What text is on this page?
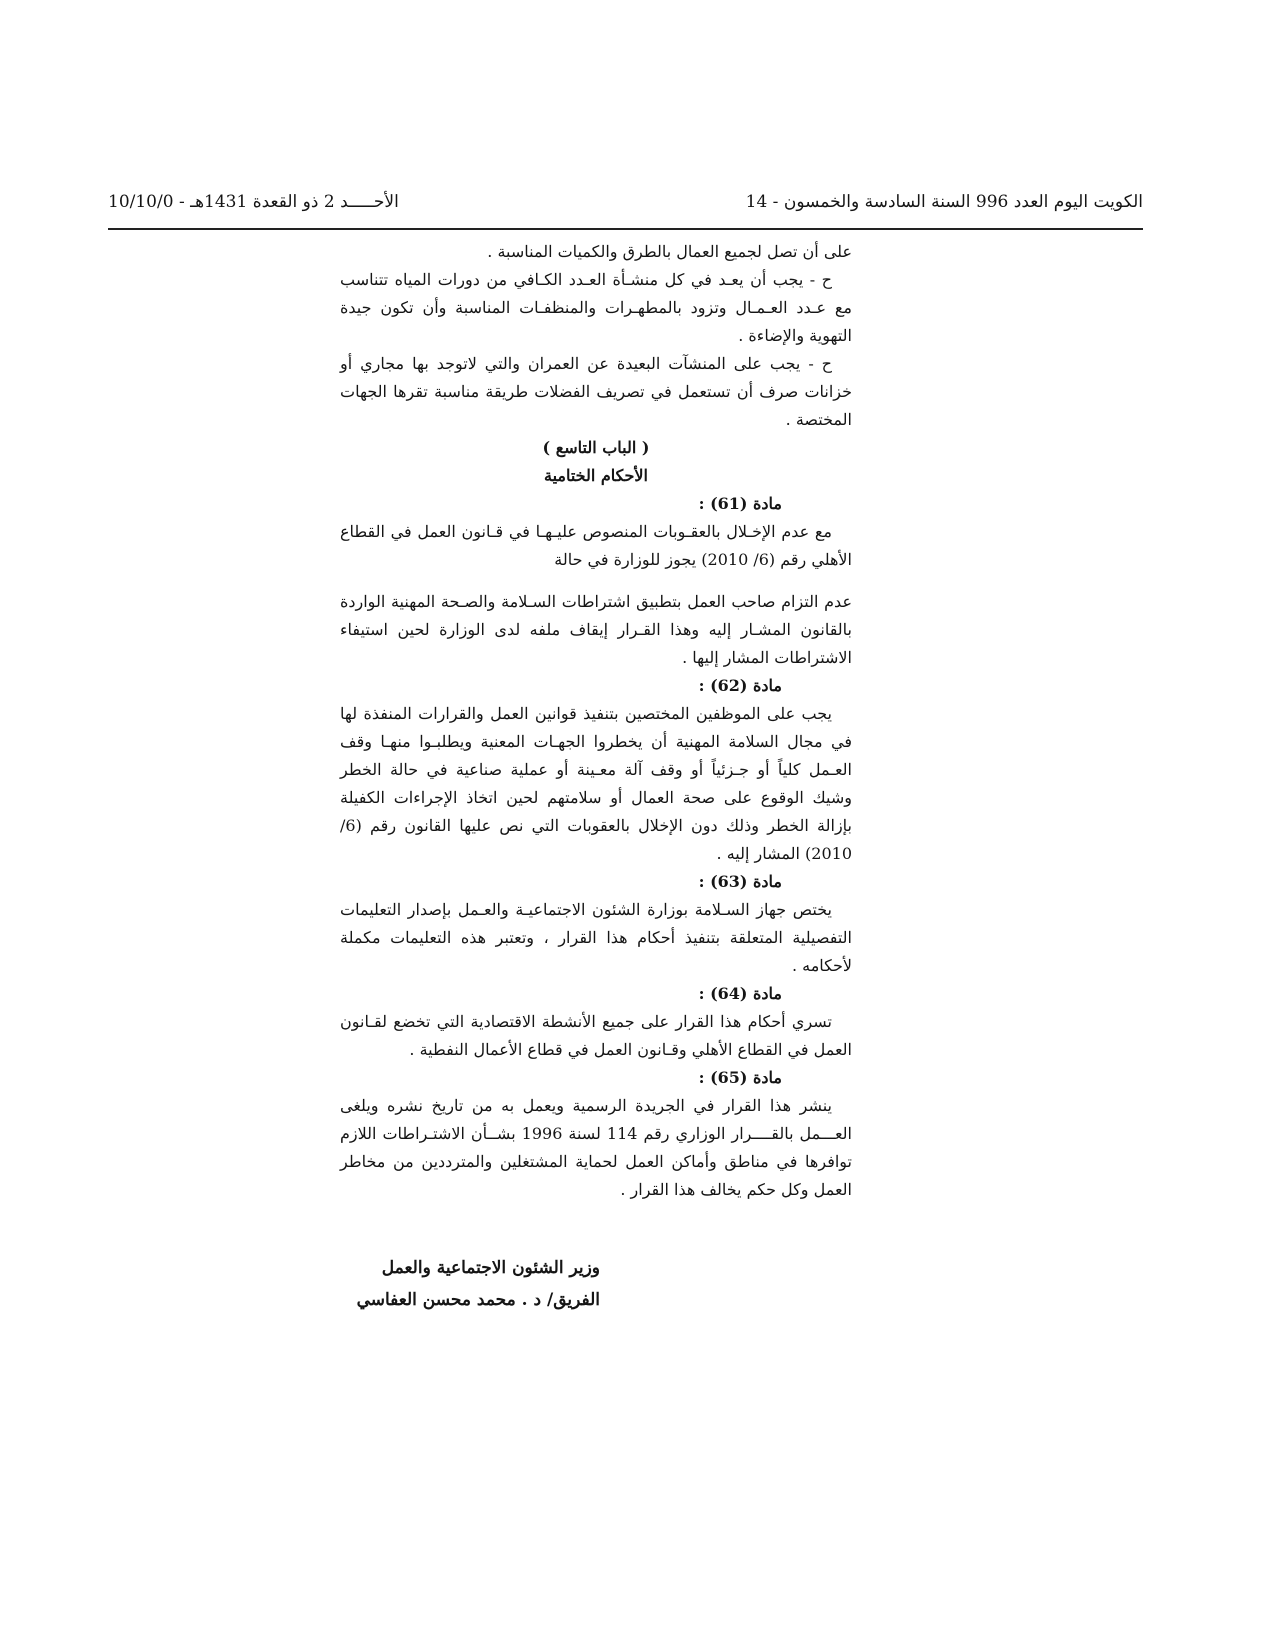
الكويت اليوم العدد 996 السنة السادسة والخمسون - 14
الأحـــــد 2 ذو القعدة 1431هـ - 10/10/0

على أن تصل لجميع العمال بالطرق والكميات المناسبة .

ح - يجب أن يعـد في كل منشـأة العـدد الكـافي من دورات المياه تتناسب مع عـدد العـمـال وتزود بالمطهـرات والمنظفـات المناسبة وأن تكون جيدة التهوية والإضاءة .

ح - يجب على المنشآت البعيدة عن العمران والتي لاتوجد بها مجاري أو خزانات صرف أن تستعمل في تصريف الفضلات طريقة مناسبة تقرها الجهات المختصة .

( الباب التاسع )

الأحكام الختامية

مادة (61) :

مع عدم الإخـلال بالعقـوبات المنصوص عليـهـا في قـانون العمل في القطاع الأهلي رقم (6/ 2010) يجوز للوزارة في حالة

عدم التزام صاحب العمل بتطبيق اشتراطات السـلامة والصـحة المهنية الواردة بالقانون المشـار إليه وهذا القـرار إيقاف ملفه لدى الوزارة لحين استيفاء الاشتراطات المشار إليها .

مادة (62) :

يجب على الموظفين المختصين بتنفيذ قوانين العمل والقرارات المنفذة لها في مجال السلامة المهنية أن يخطروا الجهـات المعنية ويطلبـوا منهـا وقف العـمل كلياً أو جـزئياً أو وقف آلة معـينة أو عملية صناعية في حالة الخطر وشيك الوقوع على صحة العمال أو سلامتهم لحين اتخاذ الإجراءات الكفيلة بإزالة الخطر وذلك دون الإخلال بالعقوبات التي نص عليها القانون رقم (6/ 2010) المشار إليه .

مادة (63) :

يختص جهاز السـلامة بوزارة الشئون الاجتماعيـة والعـمل بإصدار التعليمات التفصيلية المتعلقة بتنفيذ أحكام هذا القرار ، وتعتبر هذه التعليمات مكملة لأحكامه .

مادة (64) :

تسري أحكام هذا القرار على جميع الأنشطة الاقتصادية التي تخضع لقـانون العمل في القطاع الأهلي وقـانون العمل في قطاع الأعمال النفطية .

مادة (65) :

ينشر هذا القرار في الجريدة الرسمية ويعمل به من تاريخ نشره ويلغى العـــمل بالقــــرار الوزاري رقم 114 لسنة 1996 بشــأن الاشتـراطات اللازم توافرها في مناطق وأماكن العمل لحماية المشتغلين والمترددين من مخاطر العمل وكل حكم يخالف هذا القرار .

وزير الشئون الاجتماعية والعمل
الفريق/ د . محمد محسن العفاسي
